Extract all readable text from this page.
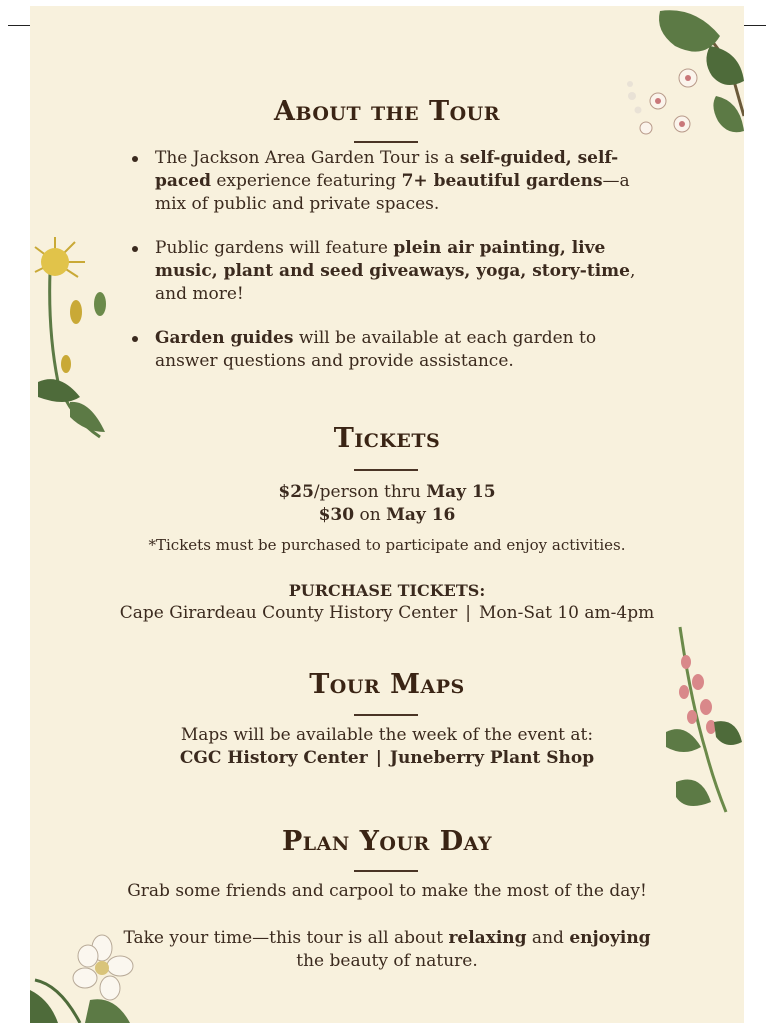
About the Tour
The Jackson Area Garden Tour is a self-guided, self-paced experience featuring 7+ beautiful gardens—a mix of public and private spaces.
Public gardens will feature plein air painting, live music, plant and seed giveaways, yoga, story-time, and more!
Garden guides will be available at each garden to answer questions and provide assistance.
Tickets
$25/person thru May 15
$30 on May 16
*Tickets must be purchased to participate and enjoy activities.
PURCHASE TICKETS:
Cape Girardeau County History Center | Mon-Sat 10 am-4pm
Tour Maps
Maps will be available the week of the event at:
CGC History Center | Juneberry Plant Shop
Plan Your Day
Grab some friends and carpool to make the most of the day!
Take your time—this tour is all about relaxing and enjoying
the beauty of nature.
